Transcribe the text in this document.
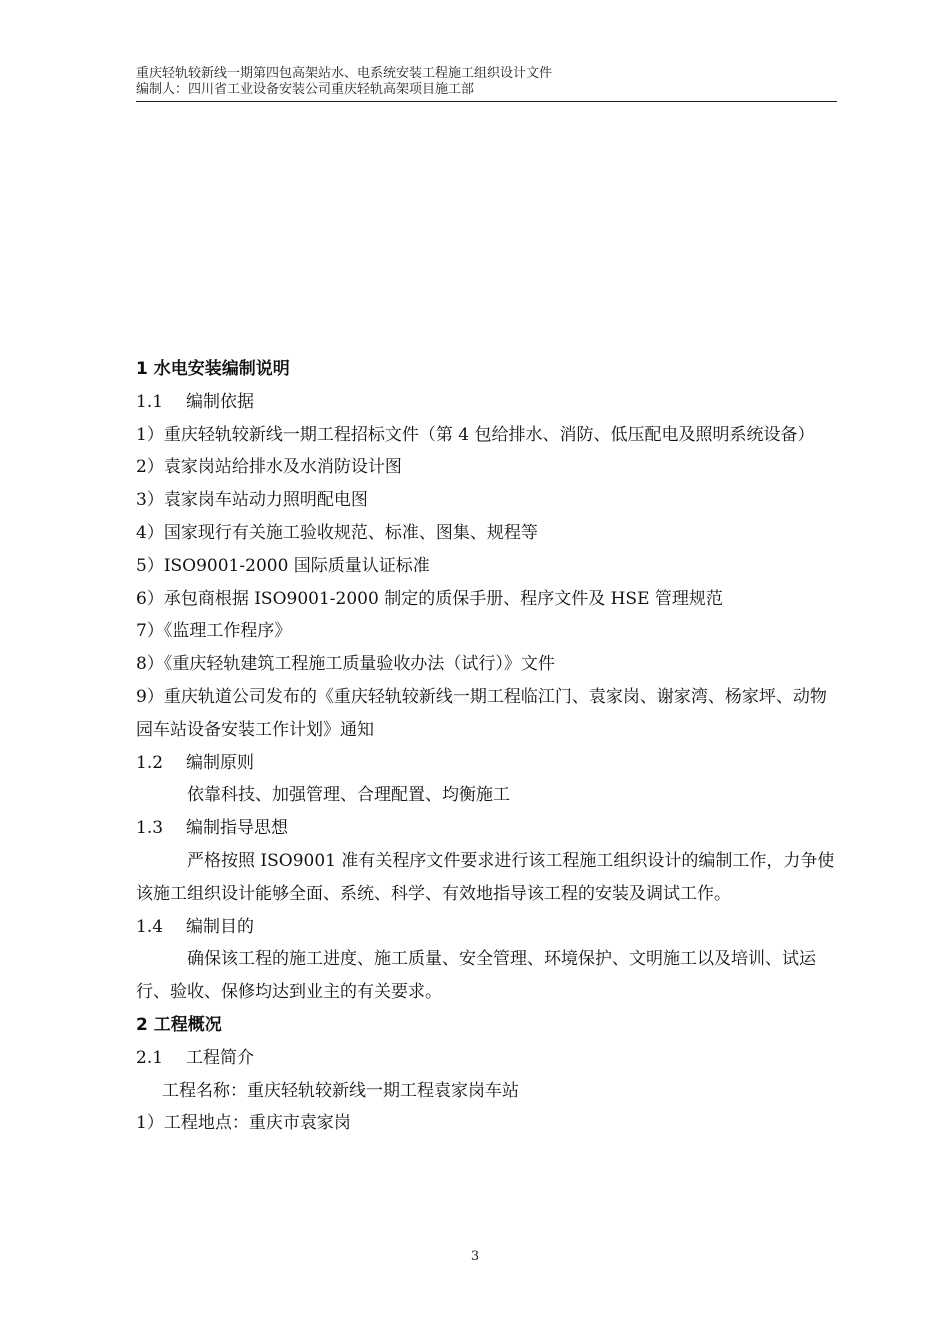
重庆轻轨较新线一期第四包高架站水、电系统安装工程施工组织设计文件
编制人：四川省工业设备安装公司重庆轻轨高架项目施工部
1 水电安装编制说明
1.1 编制依据
1）重庆轻轨较新线一期工程招标文件（第 4 包给排水、消防、低压配电及照明系统设备）
2）袁家岗站给排水及水消防设计图
3）袁家岗车站动力照明配电图
4）国家现行有关施工验收规范、标准、图集、规程等
5）ISO9001-2000 国际质量认证标准
6）承包商根据 ISO9001-2000 制定的质保手册、程序文件及 HSE 管理规范
7）《监理工作程序》
8）《重庆轻轨建筑工程施工质量验收办法（试行）》文件
9）重庆轨道公司发布的《重庆轻轨较新线一期工程临江门、袁家岗、谢家湾、杨家坪、动物园车站设备安装工作计划》通知
1.2 编制原则
依靠科技、加强管理、合理配置、均衡施工
1.3 编制指导思想
严格按照 ISO9001 准有关程序文件要求进行该工程施工组织设计的编制工作，力争使该施工组织设计能够全面、系统、科学、有效地指导该工程的安装及调试工作。
1.4 编制目的
确保该工程的施工进度、施工质量、安全管理、环境保护、文明施工以及培训、试运行、验收、保修均达到业主的有关要求。
2 工程概况
2.1 工程简介
工程名称：重庆轻轨较新线一期工程袁家岗车站
1）工程地点：重庆市袁家岗
3
